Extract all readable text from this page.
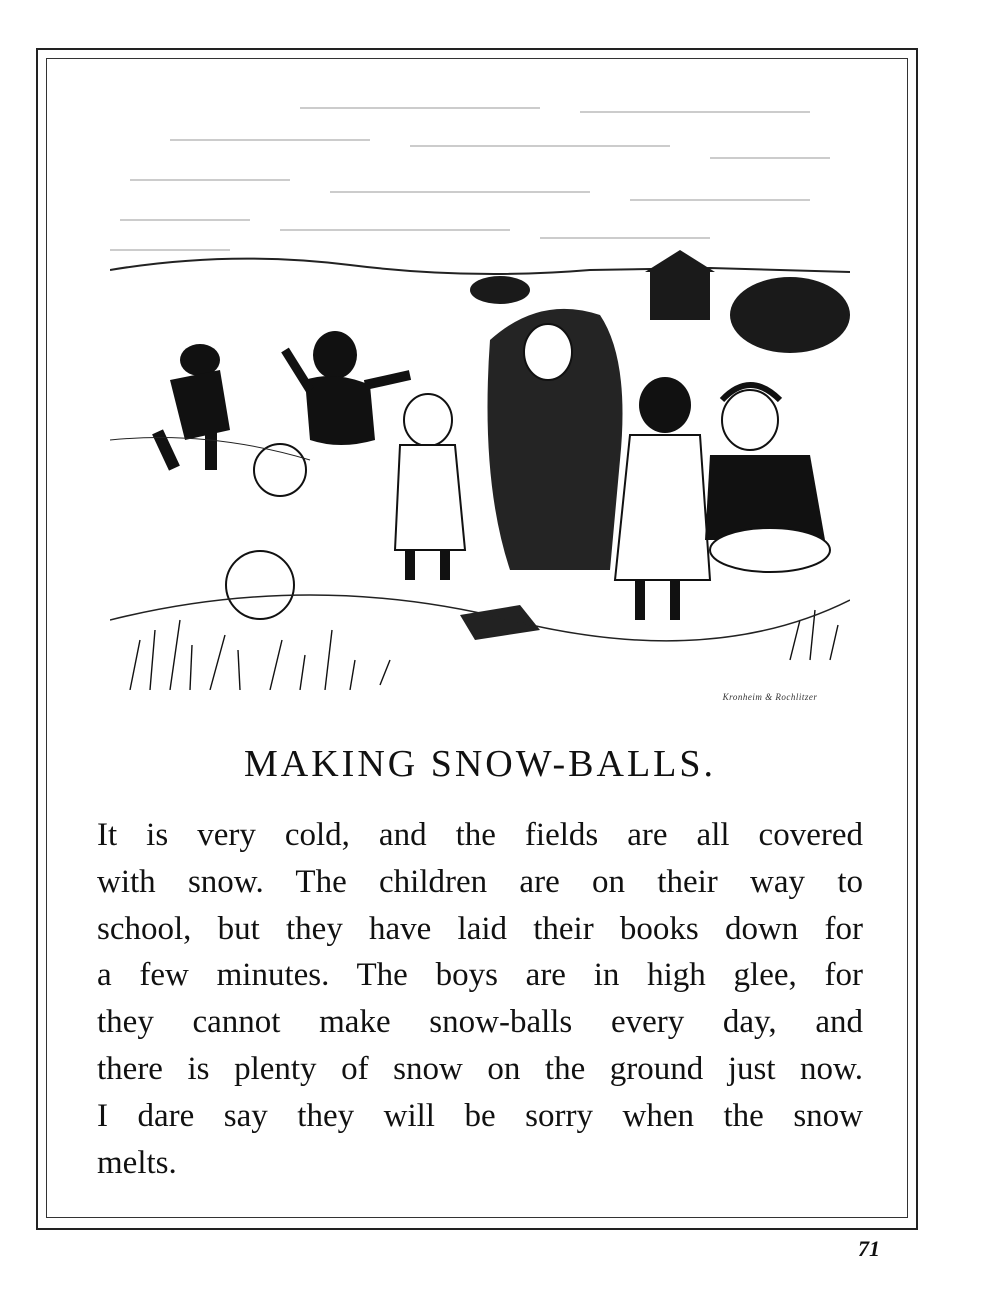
Kronheim & Rochlitzer
MAKING SNOW-BALLS.
It is very cold, and the fields are all covered
with snow. The children are on their way to
school, but they have laid their books down for
a few minutes. The boys are in high glee, for
they cannot make snow-balls every day, and
there is plenty of snow on the ground just now.
I dare say they will be sorry when the snow
melts.
71
